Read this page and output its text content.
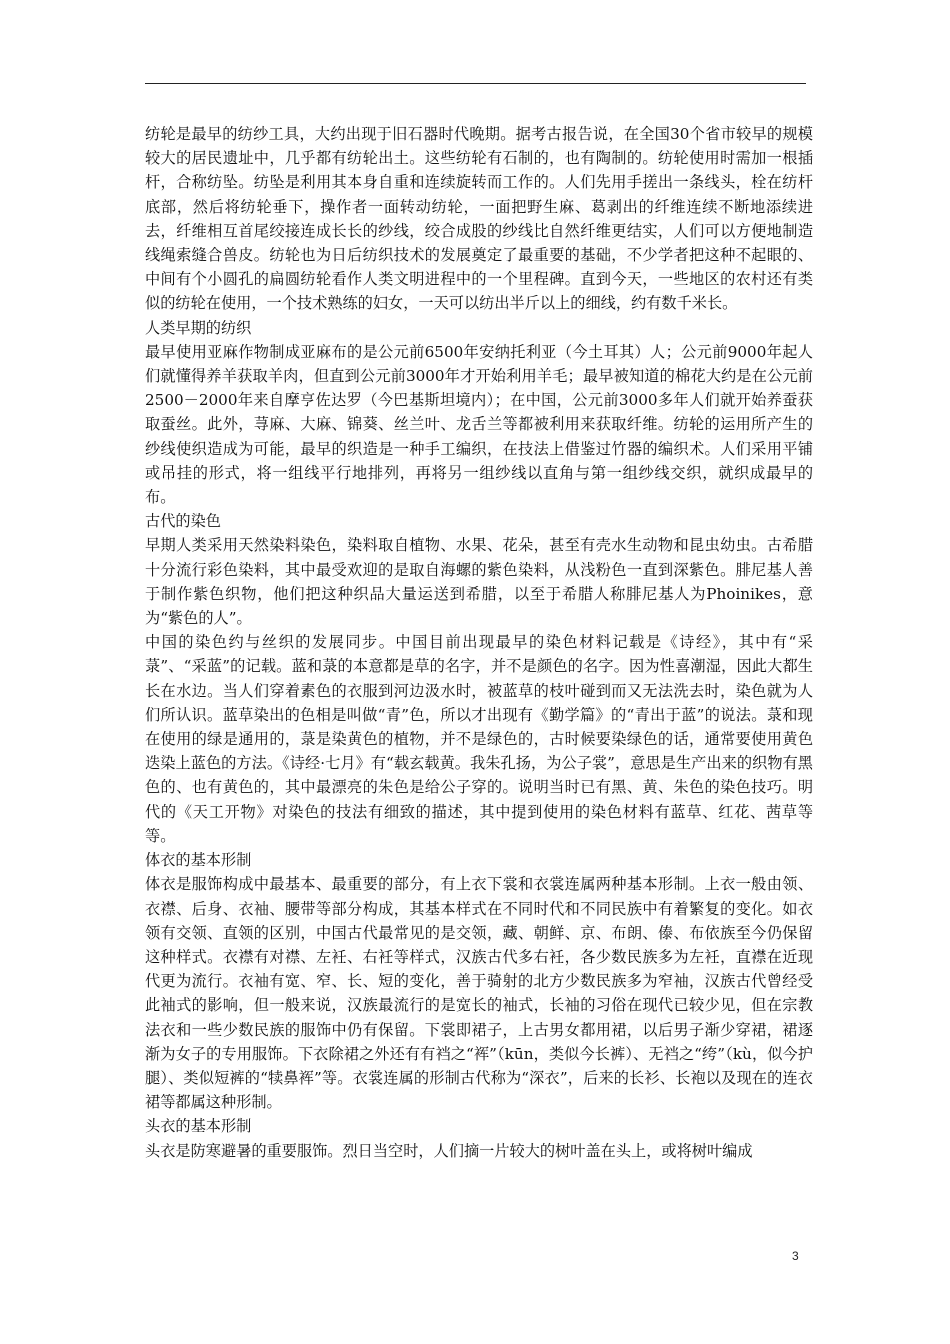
纺轮是最早的纺纱工具，大约出现于旧石器时代晚期。据考古报告说，在全国30个省市较早的规模较大的居民遗址中，几乎都有纺轮出土。这些纺轮有石制的，也有陶制的。纺轮使用时需加一根插杆，合称纺坠。纺坠是利用其本身自重和连续旋转而工作的。人们先用手搓出一条线头，栓在纺杆底部，然后将纺轮垂下，操作者一面转动纺轮，一面把野生麻、葛剥出的纤维连续不断地添续进去，纤维相互首尾绞接连成长长的纱线，绞合成股的纱线比自然纤维更结实，人们可以方便地制造线绳索缝合兽皮。纺轮也为日后纺织技术的发展奠定了最重要的基础，不少学者把这种不起眼的、中间有个小圆孔的扁圆纺轮看作人类文明进程中的一个里程碑。直到今天，一些地区的农村还有类似的纺轮在使用，一个技术熟练的妇女，一天可以纺出半斤以上的细线，约有数千米长。

人类早期的纺织

最早使用亚麻作物制成亚麻布的是公元前6500年安纳托利亚（今土耳其）人；公元前9000年起人们就懂得养羊获取羊肉，但直到公元前3000年才开始利用羊毛；最早被知道的棉花大约是在公元前2500－2000年来自摩亨佐达罗（今巴基斯坦境内）；在中国，公元前3000多年人们就开始养蚕获取蚕丝。此外，荨麻、大麻、锦葵、丝兰叶、龙舌兰等都被利用来获取纤维。纺轮的运用所产生的纱线使织造成为可能，最早的织造是一种手工编织，在技法上借鉴过竹器的编织术。人们采用平铺或吊挂的形式，将一组线平行地排列，再将另一组纱线以直角与第一组纱线交织，就织成最早的布。

古代的染色

早期人类采用天然染料染色，染料取自植物、水果、花朵，甚至有壳水生动物和昆虫幼虫。古希腊十分流行彩色染料，其中最受欢迎的是取自海螺的紫色染料，从浅粉色一直到深紫色。腓尼基人善于制作紫色织物，他们把这种织品大量运送到希腊，以至于希腊人称腓尼基人为Phoinikes，意为“紫色的人”。

中国的染色约与丝织的发展同步。中国目前出现最早的染色材料记载是《诗经》，其中有“采菉”、“采蓝”的记载。蓝和菉的本意都是草的名字，并不是颜色的名字。因为性喜潮湿，因此大都生长在水边。当人们穿着素色的衣服到河边汲水时，被蓝草的枝叶碰到而又无法洗去时，染色就为人们所认识。蓝草染出的色相是叫做“青”色，所以才出现有《勤学篇》的“青出于蓝”的说法。菉和现在使用的绿是通用的，菉是染黄色的植物，并不是绿色的，古时候要染绿色的话，通常要使用黄色迭染上蓝色的方法。《诗经·七月》有“载玄载黄。我朱孔扬，为公子裳”，意思是生产出来的织物有黑色的、也有黄色的，其中最漂亮的朱色是给公子穿的。说明当时已有黑、黄、朱色的染色技巧。明代的《天工开物》对染色的技法有细致的描述，其中提到使用的染色材料有蓝草、红花、茜草等等。

体衣的基本形制

体衣是服饰构成中最基本、最重要的部分，有上衣下裳和衣裳连属两种基本形制。上衣一般由领、衣襟、后身、衣袖、腰带等部分构成，其基本样式在不同时代和不同民族中有着繁复的变化。如衣领有交领、直领的区别，中国古代最常见的是交领，藏、朝鲜、京、布朗、傣、布依族至今仍保留这种样式。衣襟有对襟、左衽、右衽等样式，汉族古代多右衽，各少数民族多为左衽，直襟在近现代更为流行。衣袖有宽、窄、长、短的变化，善于骑射的北方少数民族多为窄袖，汉族古代曾经受此袖式的影响，但一般来说，汉族最流行的是宽长的袖式，长袖的习俗在现代已较少见，但在宗教法衣和一些少数民族的服饰中仍有保留。下裳即裙子，上古男女都用裙，以后男子渐少穿裙，裙逐渐为女子的专用服饰。下衣除裙之外还有有裆之“裈”（kūn，类似今长裤）、无裆之“绔”（kù，似今护腿）、类似短裤的“犊鼻裈”等。衣裳连属的形制古代称为“深衣”，后来的长衫、长袍以及现在的连衣裙等都属这种形制。

头衣的基本形制

头衣是防寒避暑的重要服饰。烈日当空时，人们摘一片较大的树叶盖在头上，或将树叶编成

3
